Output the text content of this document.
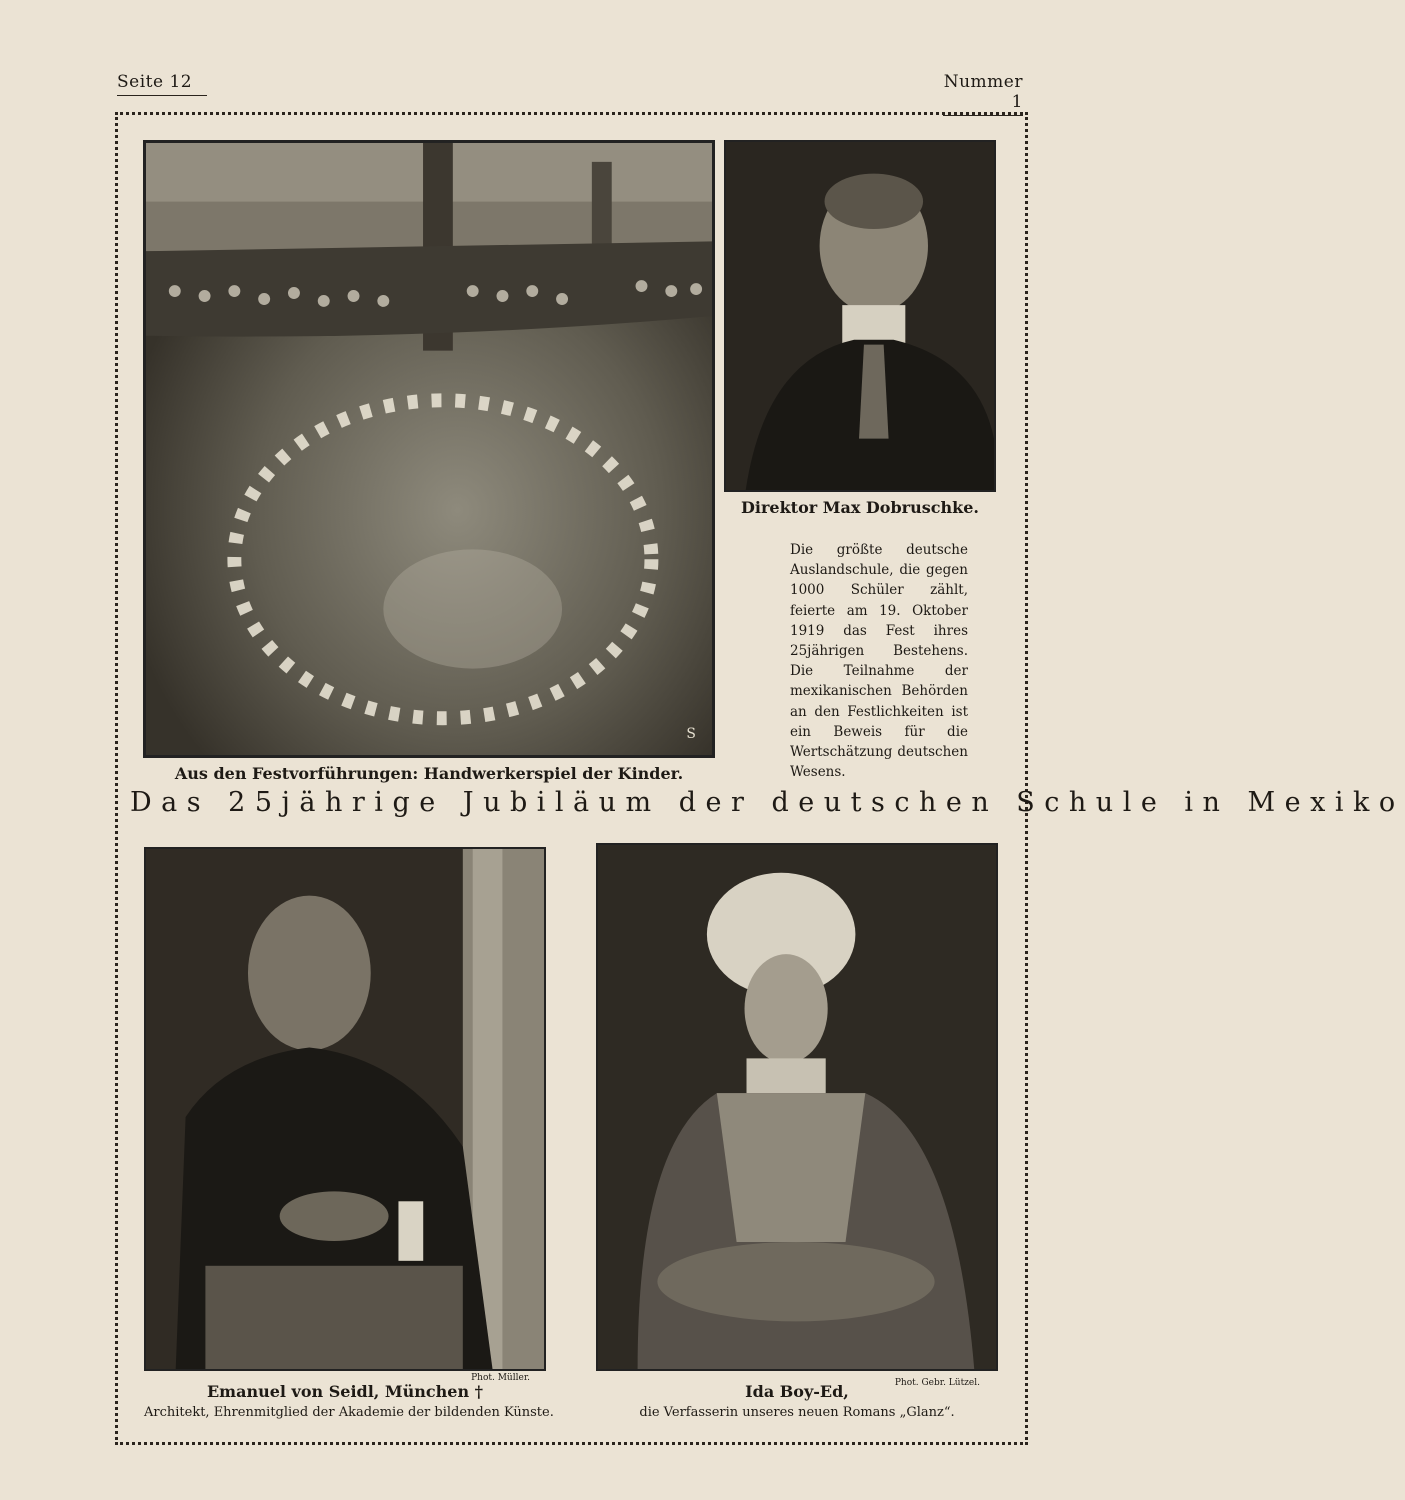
Seite 12	Nummer 1
S
Aus den Festvorführungen: Handwerkerspiel der Kinder.
Direktor Max Dobruschke.
Die größte deutsche Auslandschule, die gegen 1000 Schüler zählt, feierte am 19. Oktober 1919 das Fest ihres 25jährigen Bestehens. Die Teilnahme der mexikanischen Behörden an den Festlichkeiten ist ein Beweis für die Wertschätzung deutschen Wesens.
Das 25jährige Jubiläum der deutschen Schule in Mexiko
Phot. Müller.
Emanuel von Seidl, München †
Architekt, Ehrenmitglied der Akademie der bildenden Künste.
Phot. Gebr. Lützel.
Ida Boy-Ed,
die Verfasserin unseres neuen Romans „Glanz“.
